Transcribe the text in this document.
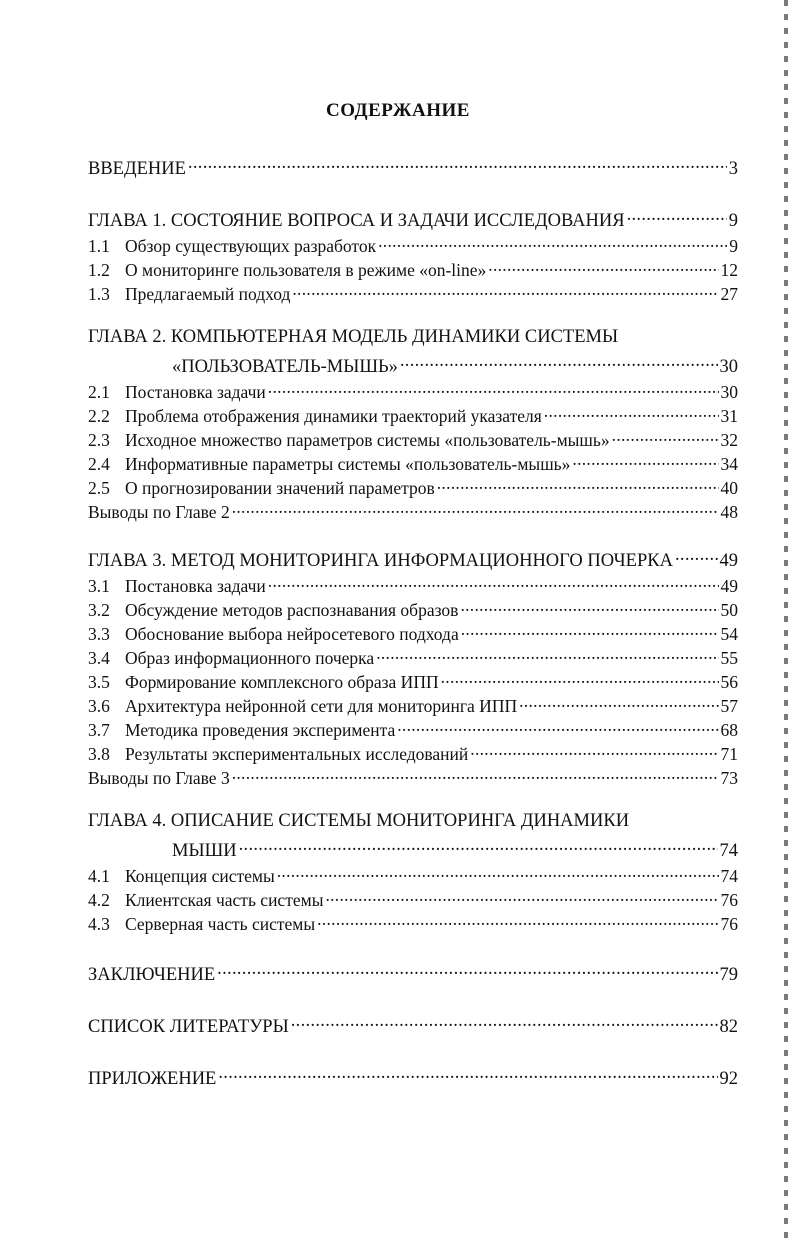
СОДЕРЖАНИЕ
ВВЕДЕНИЕ .....	3
ГЛАВА 1. СОСТОЯНИЕ ВОПРОСА И ЗАДАЧИ ИССЛЕДОВАНИЯ .....	9
1.1 Обзор существующих разработок .....	9
1.2 О мониторинге пользователя в режиме «on-line» .....	12
1.3 Предлагаемый подход .....	27
ГЛАВА 2. КОМПЬЮТЕРНАЯ МОДЕЛЬ ДИНАМИКИ СИСТЕМЫ
«ПОЛЬЗОВАТЕЛЬ-МЫШЬ» .....	30
2.1 Постановка задачи .....	30
2.2 Проблема отображения динамики траекторий указателя .....	31
2.3 Исходное множество параметров системы «пользователь-мышь» .....	32
2.4 Информативные параметры системы «пользователь-мышь» .....	34
2.5 О прогнозировании значений параметров .....	40
Выводы по Главе 2 .....	48
ГЛАВА 3. МЕТОД МОНИТОРИНГА ИНФОРМАЦИОННОГО ПОЧЕРКА .....	49
3.1 Постановка задачи .....	49
3.2 Обсуждение методов распознавания образов .....	50
3.3 Обоснование выбора нейросетевого подхода .....	54
3.4 Образ информационного почерка .....	55
3.5 Формирование комплексного образа ИПП .....	56
3.6 Архитектура нейронной сети для мониторинга ИПП .....	57
3.7 Методика проведения эксперимента .....	68
3.8 Результаты экспериментальных исследований .....	71
Выводы по Главе 3 .....	73
ГЛАВА 4. ОПИСАНИЕ СИСТЕМЫ МОНИТОРИНГА ДИНАМИКИ
МЫШИ .....	74
4.1 Концепция системы .....	74
4.2 Клиентская часть системы .....	76
4.3 Серверная часть системы .....	76
ЗАКЛЮЧЕНИЕ .....	79
СПИСОК ЛИТЕРАТУРЫ .....	82
ПРИЛОЖЕНИЕ .....	92
